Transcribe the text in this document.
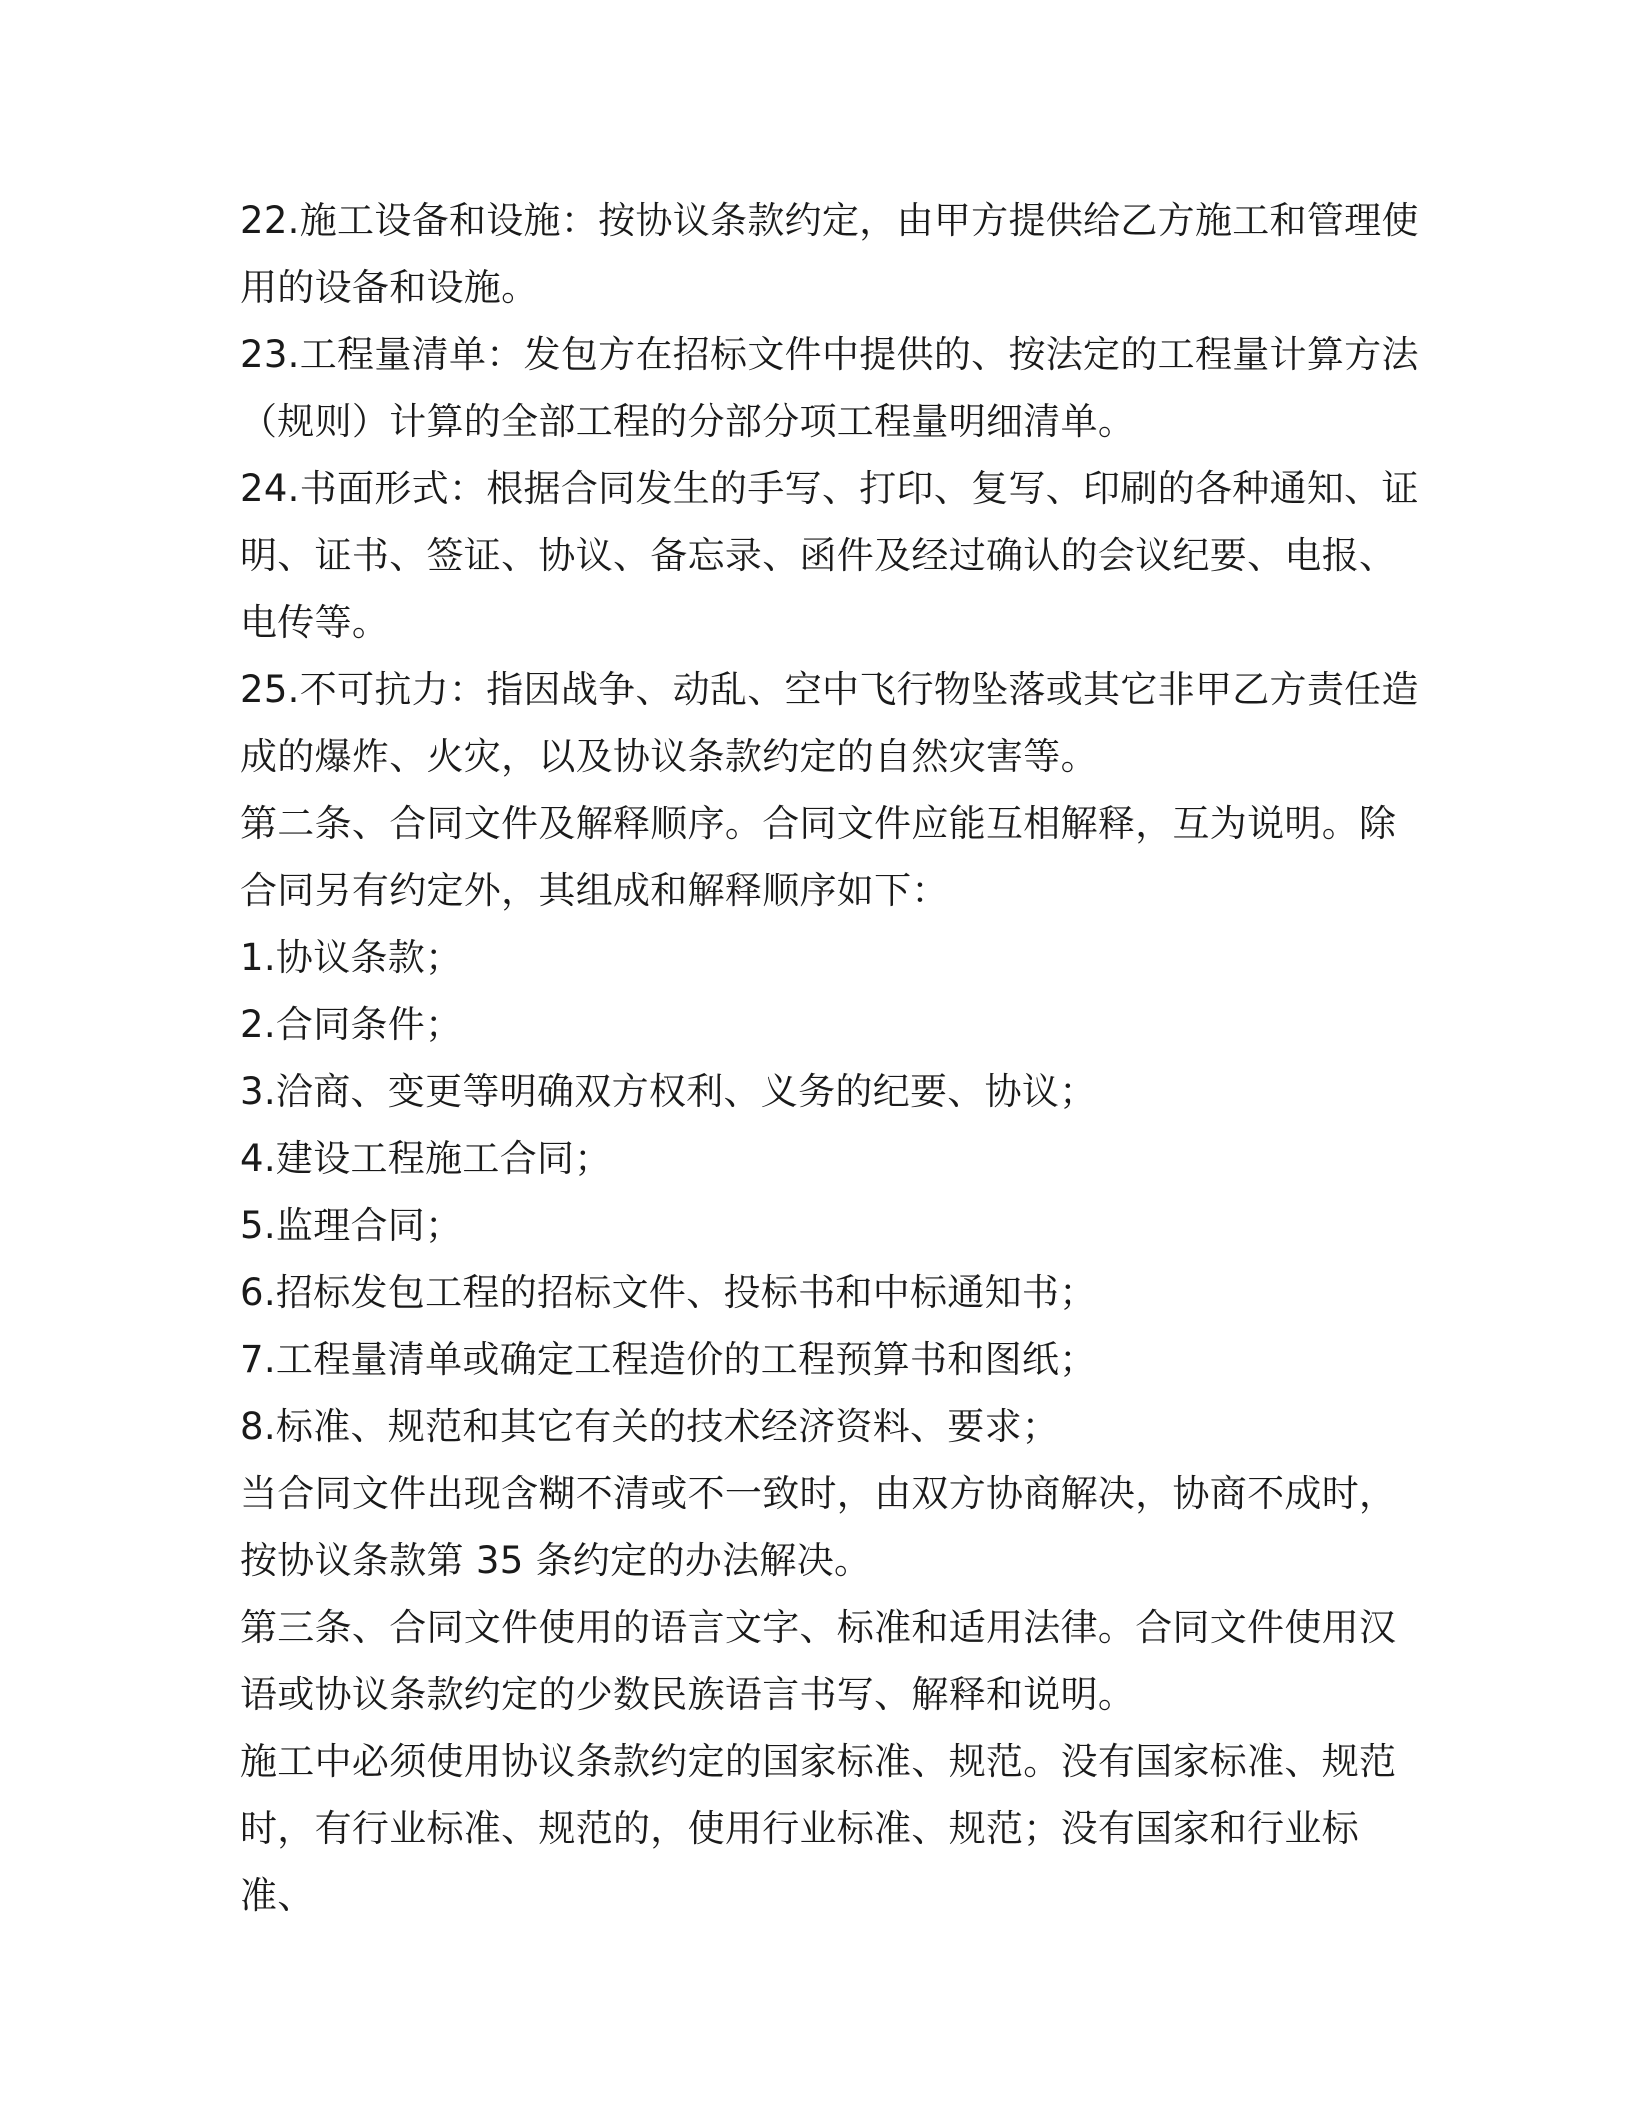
22.施工设备和设施：按协议条款约定，由甲方提供给乙方施工和管理使用的设备和设施。

23.工程量清单：发包方在招标文件中提供的、按法定的工程量计算方法（规则）计算的全部工程的分部分项工程量明细清单。

24.书面形式：根据合同发生的手写、打印、复写、印刷的各种通知、证明、证书、签证、协议、备忘录、函件及经过确认的会议纪要、电报、电传等。

25.不可抗力：指因战争、动乱、空中飞行物坠落或其它非甲乙方责任造成的爆炸、火灾，以及协议条款约定的自然灾害等。

第二条、合同文件及解释顺序。合同文件应能互相解释，互为说明。除合同另有约定外，其组成和解释顺序如下：

1.协议条款；

2.合同条件；

3.洽商、变更等明确双方权利、义务的纪要、协议；

4.建设工程施工合同；

5.监理合同；

6.招标发包工程的招标文件、投标书和中标通知书；

7.工程量清单或确定工程造价的工程预算书和图纸；

8.标准、规范和其它有关的技术经济资料、要求；

当合同文件出现含糊不清或不一致时，由双方协商解决，协商不成时，按协议条款第 35 条约定的办法解决。

第三条、合同文件使用的语言文字、标准和适用法律。合同文件使用汉语或协议条款约定的少数民族语言书写、解释和说明。

施工中必须使用协议条款约定的国家标准、规范。没有国家标准、规范时，有行业标准、规范的，使用行业标准、规范；没有国家和行业标准、
